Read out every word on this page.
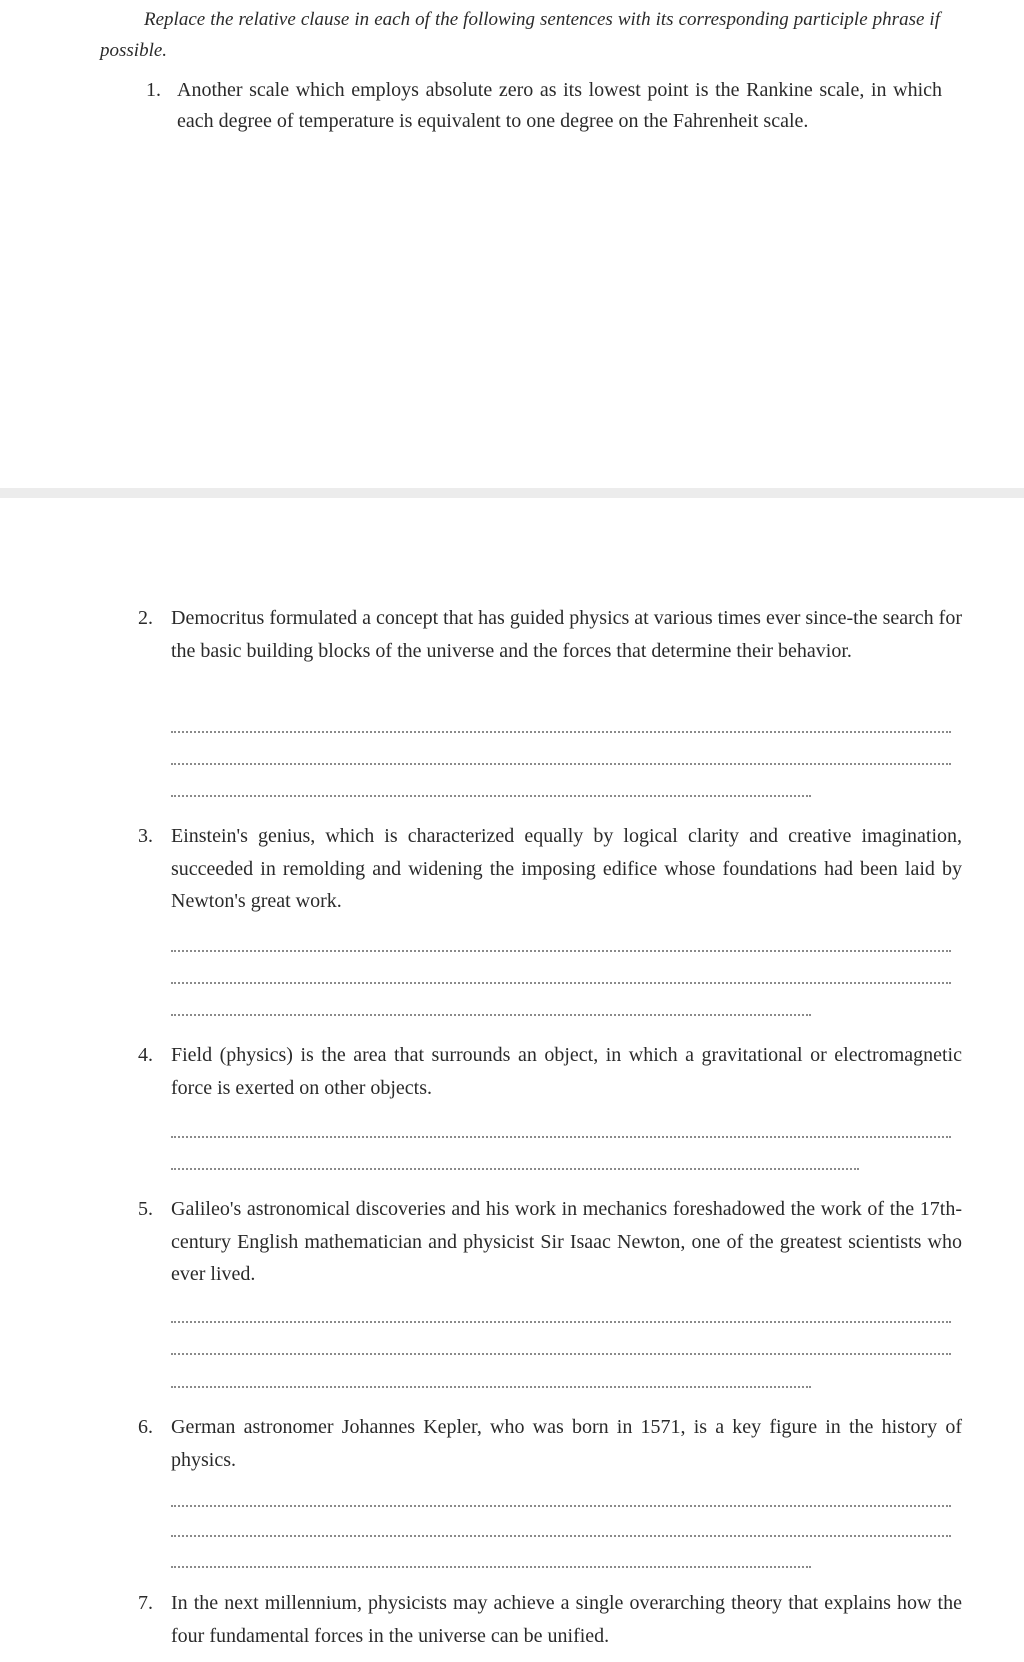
Replace the relative clause in each of the following sentences with its corresponding participle phrase if possible.
1. Another scale which employs absolute zero as its lowest point is the Rankine scale, in which each degree of temperature is equivalent to one degree on the Fahrenheit scale.
2. Democritus formulated a concept that has guided physics at various times ever since-the search for the basic building blocks of the universe and the forces that determine their behavior.
3. Einstein's genius, which is characterized equally by logical clarity and creative imagination, succeeded in remolding and widening the imposing edifice whose foundations had been laid by Newton's great work.
4. Field (physics) is the area that surrounds an object, in which a gravitational or electromagnetic force is exerted on other objects.
5. Galileo's astronomical discoveries and his work in mechanics foreshadowed the work of the 17th-century English mathematician and physicist Sir Isaac Newton, one of the greatest scientists who ever lived.
6. German astronomer Johannes Kepler, who was born in 1571, is a key figure in the history of physics.
7. In the next millennium, physicists may achieve a single overarching theory that explains how the four fundamental forces in the universe can be unified.
